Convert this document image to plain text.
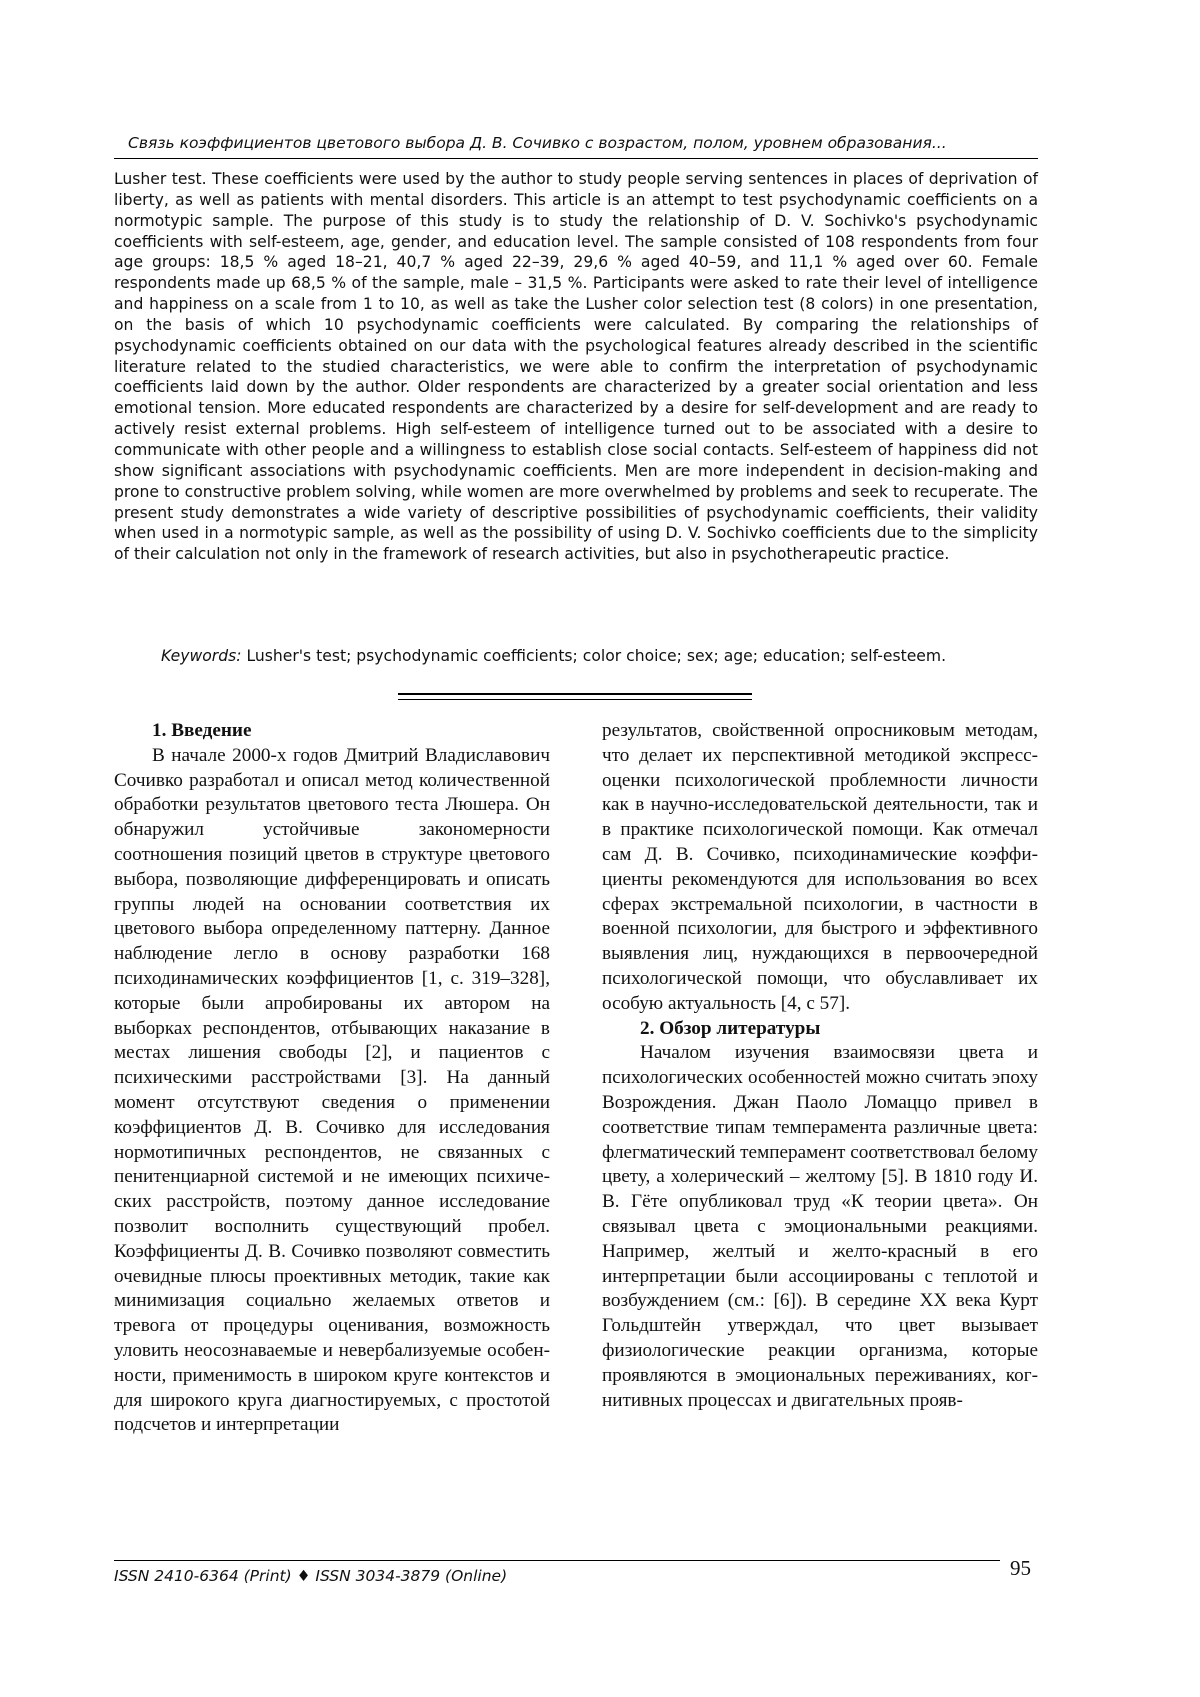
Связь коэффициентов цветового выбора Д. В. Сочивко с возрастом, полом, уровнем образования...

Lusher test. These coefficients were used by the author to study people serving sentences in places of deprivation of liberty, as well as patients with mental disorders. This article is an attempt to test psychodynamic coefficients on a normotypic sample. The purpose of this study is to study the relationship of D. V. Sochivko's psychodynamic coefficients with self-esteem, age, gender, and education level. The sample consisted of 108 respondents from four age groups: 18,5 % aged 18–21, 40,7 % aged 22–39, 29,6 % aged 40–59, and 11,1 % aged over 60. Female respondents made up 68,5 % of the sample, male – 31,5 %. Participants were asked to rate their level of intelligence and happiness on a scale from 1 to 10, as well as take the Lusher color selection test (8 colors) in one presentation, on the basis of which 10 psychodynamic coefficients were calculated. By comparing the relationships of psychodynamic coefficients obtained on our data with the psychological features already described in the scientific literature related to the studied characteristics, we were able to confirm the interpretation of psychodynamic coefficients laid down by the author. Older respondents are characterized by a greater social orientation and less emotional tension. More educated respondents are characterized by a desire for self-development and are ready to actively resist external problems. High self-esteem of intelligence turned out to be associated with a desire to communicate with other people and a willingness to establish close social contacts. Self-esteem of happiness did not show significant associations with psychodynamic coefficients. Men are more independent in decision-making and prone to constructive problem solving, while women are more overwhelmed by problems and seek to recuperate. The present study demonstrates a wide variety of descriptive possibilities of psychodynamic coefficients, their validity when used in a normotypic sample, as well as the possibility of using D. V. Sochivko coefficients due to the simplicity of their calculation not only in the framework of research activities, but also in psychotherapeutic practice.

Keywords: Lusher's test; psychodynamic coefficients; color choice; sex; age; education; self-esteem.

1. Введение

В начале 2000-х годов Дмитрий Владиславович Сочивко разработал и описал метод количественной обработки результатов цветового теста Люшера. Он обнаружил устойчивые закономерности соотношения позиций цветов в структуре цветового выбора, позволяющие дифференцировать и описать группы людей на основании соответствия их цветового выбора определенному паттерну. Данное наблюдение легло в основу разработки 168 психодинамических коэффициентов [1, с. 319–328], которые были апробированы их автором на выборках респондентов, отбывающих наказание в местах лишения свободы [2], и пациентов с психическими расстройствами [3]. На данный момент отсутствуют сведения о применении коэффициентов Д. В. Сочивко для исследования нормотипичных респондентов, не связанных с пенитенциарной системой и не имеющих психических расстройств, поэтому данное исследование позволит восполнить существующий пробел. Коэффициенты Д. В. Сочивко позволяют совместить очевидные плюсы проективных методик, такие как минимизация социально желаемых ответов и тревога от процедуры оценивания, возможность уловить неосознаваемые и невербализуемые особенности, применимость в широком круге контекстов и для широкого круга диагностируемых, с простотой подсчетов и интерпретации

результатов, свойственной опросниковым методам, что делает их перспективной методикой экспресс-оценки психологической проблемности личности как в научно-исследовательской деятельности, так и в практике психологической помощи. Как отмечал сам Д. В. Сочивко, психодинамические коэффициенты рекомендуются для использования во всех сферах экстремальной психологии, в частности в военной психологии, для быстрого и эффективного выявления лиц, нуждающихся в первоочередной психологической помощи, что обуславливает их особую актуальность [4, с 57].

2. Обзор литературы

Началом изучения взаимосвязи цвета и психологических особенностей можно считать эпоху Возрождения. Джан Паоло Ломаццо привел в соответствие типам темперамента различные цвета: флегматический темперамент соответствовал белому цвету, а холерический – желтому [5]. В 1810 году И. В. Гёте опубликовал труд «К теории цвета». Он связывал цвета с эмоциональными реакциями. Например, желтый и желто-красный в его интерпретации были ассоциированы с теплотой и возбуждением (см.: [6]). В середине XX века Курт Гольдштейн утверждал, что цвет вызывает физиологические реакции организма, которые проявляются в эмоциональных переживаниях, когнитивных процессах и двигательных прояв-

ISSN 2410-6364 (Print) ♦ ISSN 3034-3879 (Online)	95
